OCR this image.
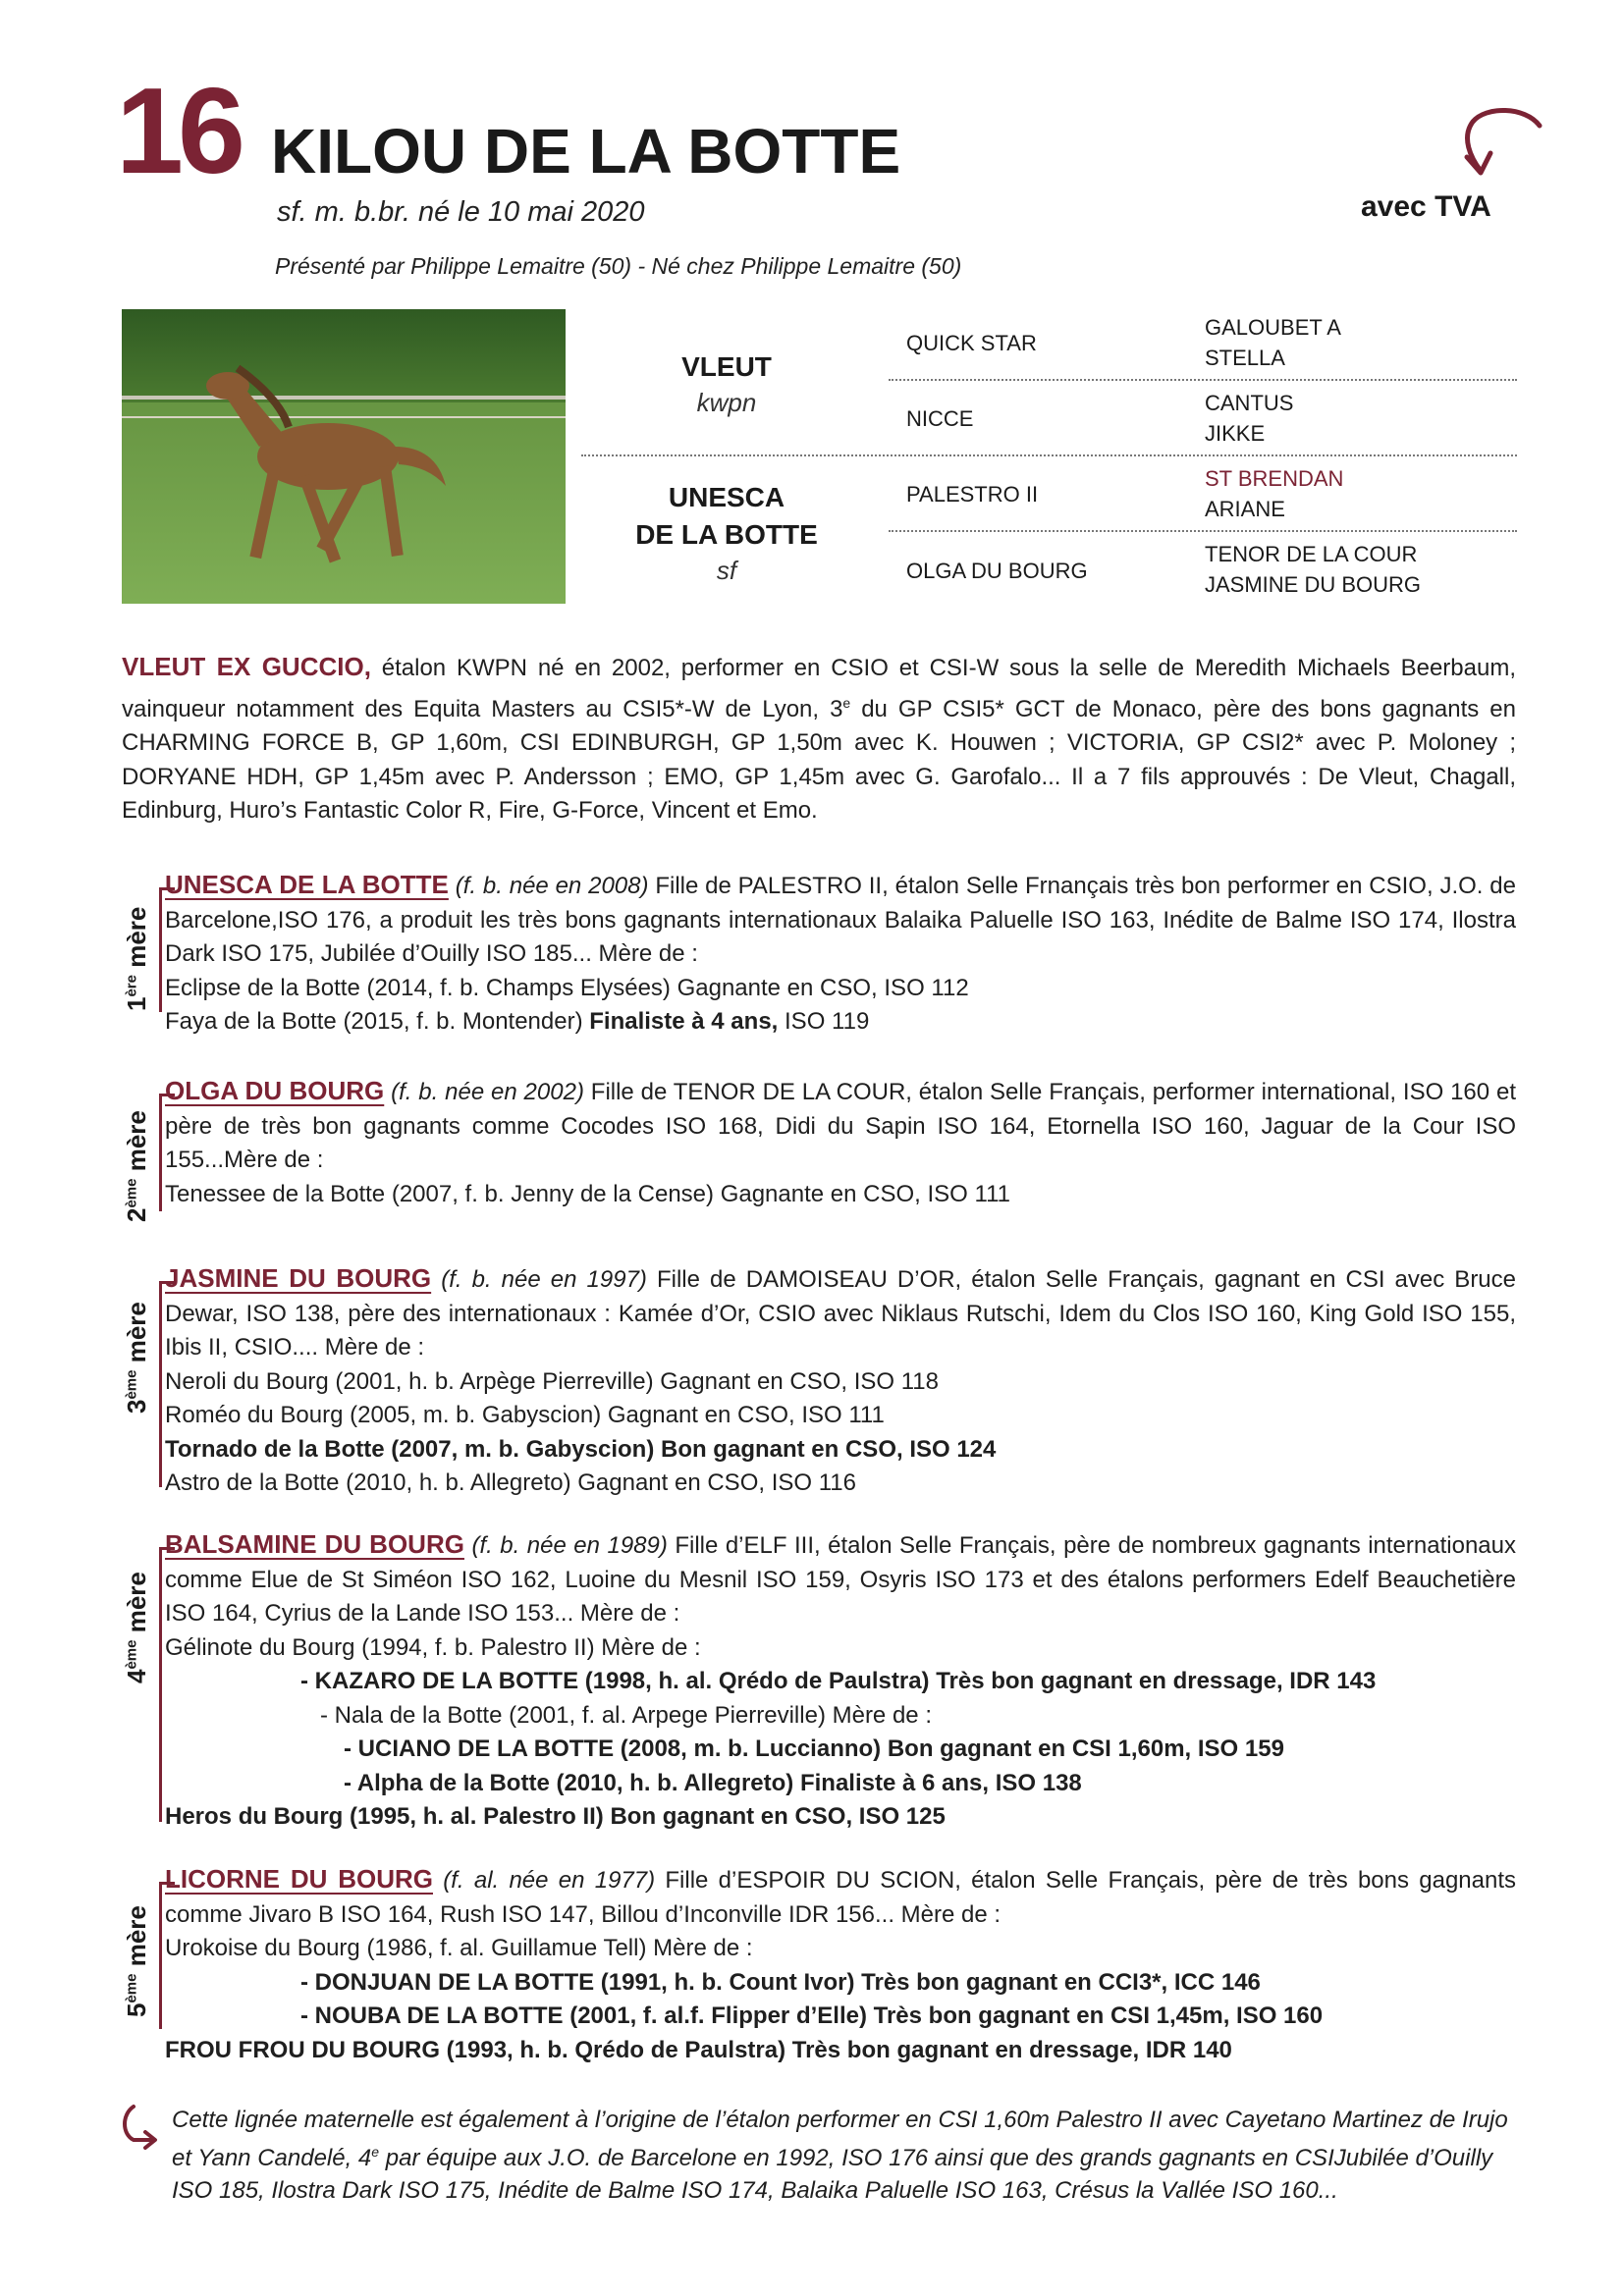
16 KILOU DE LA BOTTE
sf. m. b.br. né le 10 mai 2020
Présenté par Philippe Lemaitre (50) - Né chez Philippe Lemaitre (50)
avec TVA
VLEUT
kwpn
UNESCA
DE LA BOTTE
sf
QUICK STAR
NICCE
PALESTRO II
OLGA DU BOURG
GALOUBET A
STELLA
CANTUS
JIKKE
ST BRENDAN
ARIANE
TENOR DE LA COUR
JASMINE DU BOURG
VLEUT EX GUCCIO, étalon KWPN né en 2002, performer en CSIO et CSI-W sous la selle de Meredith Michaels Beerbaum, vainqueur notamment des Equita Masters au CSI5*-W de Lyon, 3e du GP CSI5* GCT de Monaco, père des bons gagnants en CHARMING FORCE B, GP 1,60m, CSI EDINBURGH, GP 1,50m avec K. Houwen ; VICTORIA, GP CSI2* avec P. Moloney ; DORYANE HDH, GP 1,45m avec P. Andersson ; EMO, GP 1,45m avec G. Garofalo... Il a 7 fils approuvés : De Vleut, Chagall, Edinburg, Huro’s Fantastic Color R, Fire, G-Force, Vincent et Emo.
1ère mère
UNESCA DE LA BOTTE (f. b. née en 2008) Fille de PALESTRO II, étalon Selle Frnançais très bon performer en CSIO, J.O. de Barcelone,ISO 176, a produit les très bons gagnants internationaux Balaika Paluelle ISO 163, Inédite de Balme ISO 174, Ilostra Dark ISO 175, Jubilée d’Ouilly ISO 185... Mère de :
Eclipse de la Botte (2014, f. b. Champs Elysées) Gagnante en CSO, ISO 112
Faya de la Botte (2015, f. b. Montender) Finaliste à 4 ans, ISO 119
2ème mère
OLGA DU BOURG (f. b. née en 2002) Fille de TENOR DE LA COUR, étalon Selle Français, performer international, ISO 160 et père de très bon gagnants comme Cocodes ISO 168, Didi du Sapin ISO 164, Etornella ISO 160, Jaguar de la Cour ISO 155...Mère de :
Tenessee de la Botte (2007, f. b. Jenny de la Cense) Gagnante en CSO, ISO 111
3ème mère
JASMINE DU BOURG (f. b. née en 1997) Fille de DAMOISEAU D’OR, étalon Selle Français, gagnant en CSI avec Bruce Dewar, ISO 138, père des internationaux : Kamée d’Or, CSIO avec Niklaus Rutschi, Idem du Clos ISO 160, King Gold ISO 155, Ibis II, CSIO.... Mère de :
Neroli du Bourg (2001, h. b. Arpège Pierreville) Gagnant en CSO, ISO 118
Roméo du Bourg (2005, m. b. Gabyscion) Gagnant en CSO, ISO 111
Tornado de la Botte (2007, m. b. Gabyscion) Bon gagnant en CSO, ISO 124
Astro de la Botte (2010, h. b. Allegreto) Gagnant en CSO, ISO 116
4ème mère
BALSAMINE DU BOURG (f. b. née en 1989) Fille d’ELF III, étalon Selle Français, père de nombreux gagnants internationaux comme Elue de St Siméon ISO 162, Luoine du Mesnil ISO 159, Osyris ISO 173 et des étalons performers Edelf Beauchetière ISO 164, Cyrius de la Lande ISO 153... Mère de :
Gélinote du Bourg (1994, f. b. Palestro II) Mère de :
- KAZARO DE LA BOTTE (1998, h. al. Qrédo de Paulstra) Très bon gagnant en dressage, IDR 143
- Nala de la Botte (2001, f. al. Arpege Pierreville) Mère de :
- UCIANO DE LA BOTTE (2008, m. b. Luccianno) Bon gagnant en CSI 1,60m, ISO 159
- Alpha de la Botte (2010, h. b. Allegreto) Finaliste à 6 ans, ISO 138
Heros du Bourg (1995, h. al. Palestro II) Bon gagnant en CSO, ISO 125
5ème mère
LICORNE DU BOURG (f. al. née en 1977) Fille d’ESPOIR DU SCION, étalon Selle Français, père de très bons gagnants comme Jivaro B ISO 164, Rush ISO 147, Billou d’Inconville IDR 156... Mère de :
Urokoise du Bourg (1986, f. al. Guillamue Tell) Mère de :
- DONJUAN DE LA BOTTE (1991, h. b. Count Ivor) Très bon gagnant en CCI3*, ICC 146
- NOUBA DE LA BOTTE (2001, f. al.f. Flipper d’Elle) Très bon gagnant en CSI 1,45m, ISO 160
FROU FROU DU BOURG (1993, h. b. Qrédo de Paulstra) Très bon gagnant en dressage, IDR 140
Cette lignée maternelle est également à l’origine de l’étalon performer en CSI 1,60m Palestro II avec Cayetano Martinez de Irujo et Yann Candelé, 4e par équipe aux J.O. de Barcelone en 1992, ISO 176 ainsi que des grands gagnants en CSIJubilée d’Ouilly ISO 185, Ilostra Dark ISO 175, Inédite de Balme ISO 174, Balaika Paluelle ISO 163, Crésus la Vallée ISO 160...
